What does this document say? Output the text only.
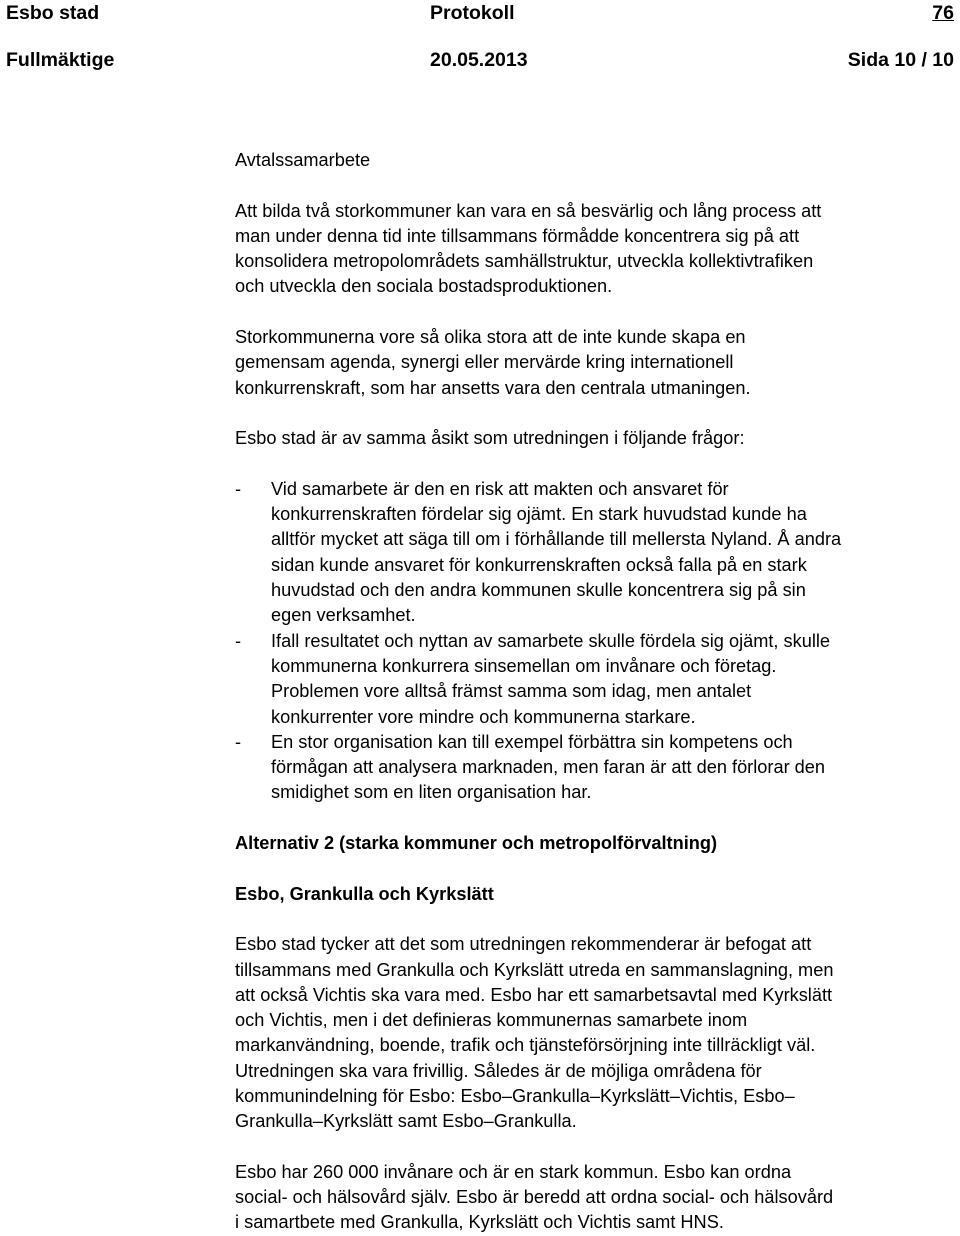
Esbo stad	Protokoll	76
Fullmäktige	20.05.2013	Sida 10 / 10

Avtalssamarbete

Att bilda två storkommuner kan vara en så besvärlig och lång process att

man under denna tid inte tillsammans förmådde koncentrera sig på att

konsolidera metropolområdets samhällstruktur, utveckla kollektivtrafiken

och utveckla den sociala bostadsproduktionen.

Storkommunerna vore så olika stora att de inte kunde skapa en

gemensam agenda, synergi eller mervärde kring internationell

konkurrenskraft, som har ansetts vara den centrala utmaningen.

Esbo stad är av samma åsikt som utredningen i följande frågor:

- Vid samarbete är den en risk att makten och ansvaret för

konkurrenskraften fördelar sig ojämt. En stark huvudstad kunde ha

alltför mycket att säga till om i förhållande till mellersta Nyland. Å andra

sidan kunde ansvaret för konkurrenskraften också falla på en stark

huvudstad och den andra kommunen skulle koncentrera sig på sin

egen verksamhet.

- Ifall resultatet och nyttan av samarbete skulle fördela sig ojämt, skulle

kommunerna konkurrera sinsemellan om invånare och företag.

Problemen vore alltså främst samma som idag, men antalet

konkurrenter vore mindre och kommunerna starkare.

- En stor organisation kan till exempel förbättra sin kompetens och

förmågan att analysera marknaden, men faran är att den förlorar den

smidighet som en liten organisation har.

Alternativ 2 (starka kommuner och metropolförvaltning)

Esbo, Grankulla och Kyrkslätt

Esbo stad tycker att det som utredningen rekommenderar är befogat att

tillsammans med Grankulla och Kyrkslätt utreda en sammanslagning, men

att också Vichtis ska vara med. Esbo har ett samarbetsavtal med Kyrkslätt

och Vichtis, men i det definieras kommunernas samarbete inom

markanvändning, boende, trafik och tjänsteförsörjning inte tillräckligt väl.

Utredningen ska vara frivillig. Således är de möjliga områdena för

kommunindelning för Esbo: Esbo–Grankulla–Kyrkslätt–Vichtis, Esbo–

Grankulla–Kyrkslätt samt Esbo–Grankulla.

Esbo har 260 000 invånare och är en stark kommun. Esbo kan ordna

social- och hälsovård själv. Esbo är beredd att ordna social- och hälsovård

i samartbete med Grankulla, Kyrkslätt och Vichtis samt HNS.
